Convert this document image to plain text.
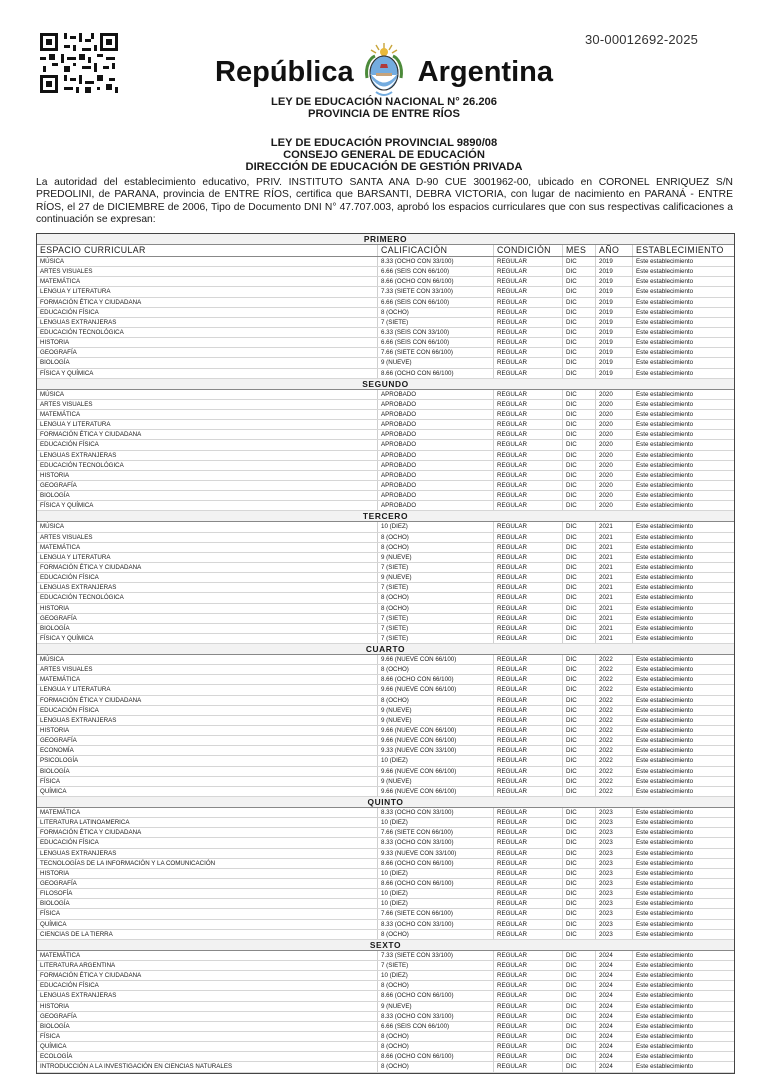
30-00012692-2025
República Argentina
LEY DE EDUCACIÓN NACIONAL N° 26.206
PROVINCIA DE ENTRE RÍOS
LEY DE EDUCACIÓN PROVINCIAL 9890/08
CONSEJO GENERAL DE EDUCACIÓN
DIRECCIÓN DE EDUCACIÓN DE GESTIÓN PRIVADA
La autoridad del establecimiento educativo, PRIV. INSTITUTO SANTA ANA D-90 CUE 3001962-00, ubicado en CORONEL ENRIQUEZ S/N PREDOLINI, de PARANA, provincia de ENTRE RÍOS, certifica que BARSANTI, DEBRA VICTORIA, con lugar de nacimiento en PARANÁ - ENTRE RÍOS, el 27 de DICIEMBRE de 2006, Tipo de Documento DNI N° 47.707.003, aprobó los espacios curriculares que con sus respectivas calificaciones a continuación se expresan:
PRIMERO
ESPACIO CURRICULAR	CALIFICACIÓN	CONDICIÓN	MES	AÑO	ESTABLECIMIENTO
MÚSICA	8.33 (OCHO CON 33/100)	REGULAR	DIC	2019	Este establecimiento
ARTES VISUALES	6.66 (SEIS CON 66/100)	REGULAR	DIC	2019	Este establecimiento
MATEMÁTICA	8.66 (OCHO CON 66/100)	REGULAR	DIC	2019	Este establecimiento
LENGUA Y LITERATURA	7.33 (SIETE CON 33/100)	REGULAR	DIC	2019	Este establecimiento
FORMACIÓN ÉTICA Y CIUDADANA	6.66 (SEIS CON 66/100)	REGULAR	DIC	2019	Este establecimiento
EDUCACIÓN FÍSICA	8 (OCHO)	REGULAR	DIC	2019	Este establecimiento
LENGUAS EXTRANJERAS	7 (SIETE)	REGULAR	DIC	2019	Este establecimiento
EDUCACIÓN TECNOLÓGICA	6.33 (SEIS CON 33/100)	REGULAR	DIC	2019	Este establecimiento
HISTORIA	6.66 (SEIS CON 66/100)	REGULAR	DIC	2019	Este establecimiento
GEOGRAFÍA	7.66 (SIETE CON 66/100)	REGULAR	DIC	2019	Este establecimiento
BIOLOGÍA	9 (NUEVE)	REGULAR	DIC	2019	Este establecimiento
FÍSICA Y QUÍMICA	8.66 (OCHO CON 66/100)	REGULAR	DIC	2019	Este establecimiento
SEGUNDO
MÚSICA	APROBADO	REGULAR	DIC	2020	Este establecimiento
ARTES VISUALES	APROBADO	REGULAR	DIC	2020	Este establecimiento
MATEMÁTICA	APROBADO	REGULAR	DIC	2020	Este establecimiento
LENGUA Y LITERATURA	APROBADO	REGULAR	DIC	2020	Este establecimiento
FORMACIÓN ÉTICA Y CIUDADANA	APROBADO	REGULAR	DIC	2020	Este establecimiento
EDUCACIÓN FÍSICA	APROBADO	REGULAR	DIC	2020	Este establecimiento
LENGUAS EXTRANJERAS	APROBADO	REGULAR	DIC	2020	Este establecimiento
EDUCACIÓN TECNOLÓGICA	APROBADO	REGULAR	DIC	2020	Este establecimiento
HISTORIA	APROBADO	REGULAR	DIC	2020	Este establecimiento
GEOGRAFÍA	APROBADO	REGULAR	DIC	2020	Este establecimiento
BIOLOGÍA	APROBADO	REGULAR	DIC	2020	Este establecimiento
FÍSICA Y QUÍMICA	APROBADO	REGULAR	DIC	2020	Este establecimiento
TERCERO
MÚSICA	10 (DIEZ)	REGULAR	DIC	2021	Este establecimiento
ARTES VISUALES	8 (OCHO)	REGULAR	DIC	2021	Este establecimiento
MATEMÁTICA	8 (OCHO)	REGULAR	DIC	2021	Este establecimiento
LENGUA Y LITERATURA	9 (NUEVE)	REGULAR	DIC	2021	Este establecimiento
FORMACIÓN ÉTICA Y CIUDADANA	7 (SIETE)	REGULAR	DIC	2021	Este establecimiento
EDUCACIÓN FÍSICA	9 (NUEVE)	REGULAR	DIC	2021	Este establecimiento
LENGUAS EXTRANJERAS	7 (SIETE)	REGULAR	DIC	2021	Este establecimiento
EDUCACIÓN TECNOLÓGICA	8 (OCHO)	REGULAR	DIC	2021	Este establecimiento
HISTORIA	8 (OCHO)	REGULAR	DIC	2021	Este establecimiento
GEOGRAFÍA	7 (SIETE)	REGULAR	DIC	2021	Este establecimiento
BIOLOGÍA	7 (SIETE)	REGULAR	DIC	2021	Este establecimiento
FÍSICA Y QUÍMICA	7 (SIETE)	REGULAR	DIC	2021	Este establecimiento
CUARTO
MÚSICA	9.66 (NUEVE CON 66/100)	REGULAR	DIC	2022	Este establecimiento
ARTES VISUALES	8 (OCHO)	REGULAR	DIC	2022	Este establecimiento
MATEMÁTICA	8.66 (OCHO CON 66/100)	REGULAR	DIC	2022	Este establecimiento
LENGUA Y LITERATURA	9.66 (NUEVE CON 66/100)	REGULAR	DIC	2022	Este establecimiento
FORMACIÓN ÉTICA Y CIUDADANA	8 (OCHO)	REGULAR	DIC	2022	Este establecimiento
EDUCACIÓN FÍSICA	9 (NUEVE)	REGULAR	DIC	2022	Este establecimiento
LENGUAS EXTRANJERAS	9 (NUEVE)	REGULAR	DIC	2022	Este establecimiento
HISTORIA	9.66 (NUEVE CON 66/100)	REGULAR	DIC	2022	Este establecimiento
GEOGRAFÍA	9.66 (NUEVE CON 66/100)	REGULAR	DIC	2022	Este establecimiento
ECONOMÍA	9.33 (NUEVE CON 33/100)	REGULAR	DIC	2022	Este establecimiento
PSICOLOGÍA	10 (DIEZ)	REGULAR	DIC	2022	Este establecimiento
BIOLOGÍA	9.66 (NUEVE CON 66/100)	REGULAR	DIC	2022	Este establecimiento
FÍSICA	9 (NUEVE)	REGULAR	DIC	2022	Este establecimiento
QUÍMICA	9.66 (NUEVE CON 66/100)	REGULAR	DIC	2022	Este establecimiento
QUINTO
MATEMÁTICA	8.33 (OCHO CON 33/100)	REGULAR	DIC	2023	Este establecimiento
LITERATURA LATINOAMERICA	10 (DIEZ)	REGULAR	DIC	2023	Este establecimiento
FORMACIÓN ÉTICA Y CIUDADANA	7.66 (SIETE CON 66/100)	REGULAR	DIC	2023	Este establecimiento
EDUCACIÓN FÍSICA	8.33 (OCHO CON 33/100)	REGULAR	DIC	2023	Este establecimiento
LENGUAS EXTRANJERAS	9.33 (NUEVE CON 33/100)	REGULAR	DIC	2023	Este establecimiento
TECNOLOGÍAS DE LA INFORMACIÓN Y LA COMUNICACIÓN	8.66 (OCHO CON 66/100)	REGULAR	DIC	2023	Este establecimiento
HISTORIA	10 (DIEZ)	REGULAR	DIC	2023	Este establecimiento
GEOGRAFÍA	8.66 (OCHO CON 66/100)	REGULAR	DIC	2023	Este establecimiento
FILOSOFÍA	10 (DIEZ)	REGULAR	DIC	2023	Este establecimiento
BIOLOGÍA	10 (DIEZ)	REGULAR	DIC	2023	Este establecimiento
FÍSICA	7.66 (SIETE CON 66/100)	REGULAR	DIC	2023	Este establecimiento
QUÍMICA	8.33 (OCHO CON 33/100)	REGULAR	DIC	2023	Este establecimiento
CIENCIAS DE LA TIERRA	8 (OCHO)	REGULAR	DIC	2023	Este establecimiento
SEXTO
MATEMÁTICA	7.33 (SIETE CON 33/100)	REGULAR	DIC	2024	Este establecimiento
LITERATURA ARGENTINA	7 (SIETE)	REGULAR	DIC	2024	Este establecimiento
FORMACIÓN ÉTICA Y CIUDADANA	10 (DIEZ)	REGULAR	DIC	2024	Este establecimiento
EDUCACIÓN FÍSICA	8 (OCHO)	REGULAR	DIC	2024	Este establecimiento
LENGUAS EXTRANJERAS	8.66 (OCHO CON 66/100)	REGULAR	DIC	2024	Este establecimiento
HISTORIA	9 (NUEVE)	REGULAR	DIC	2024	Este establecimiento
GEOGRAFÍA	8.33 (OCHO CON 33/100)	REGULAR	DIC	2024	Este establecimiento
BIOLOGÍA	6.66 (SEIS CON 66/100)	REGULAR	DIC	2024	Este establecimiento
FÍSICA	8 (OCHO)	REGULAR	DIC	2024	Este establecimiento
QUÍMICA	8 (OCHO)	REGULAR	DIC	2024	Este establecimiento
ECOLOGÍA	8.66 (OCHO CON 66/100)	REGULAR	DIC	2024	Este establecimiento
INTRODUCCIÓN A LA INVESTIGACIÓN EN CIENCIAS NATURALES	8 (OCHO)	REGULAR	DIC	2024	Este establecimiento
